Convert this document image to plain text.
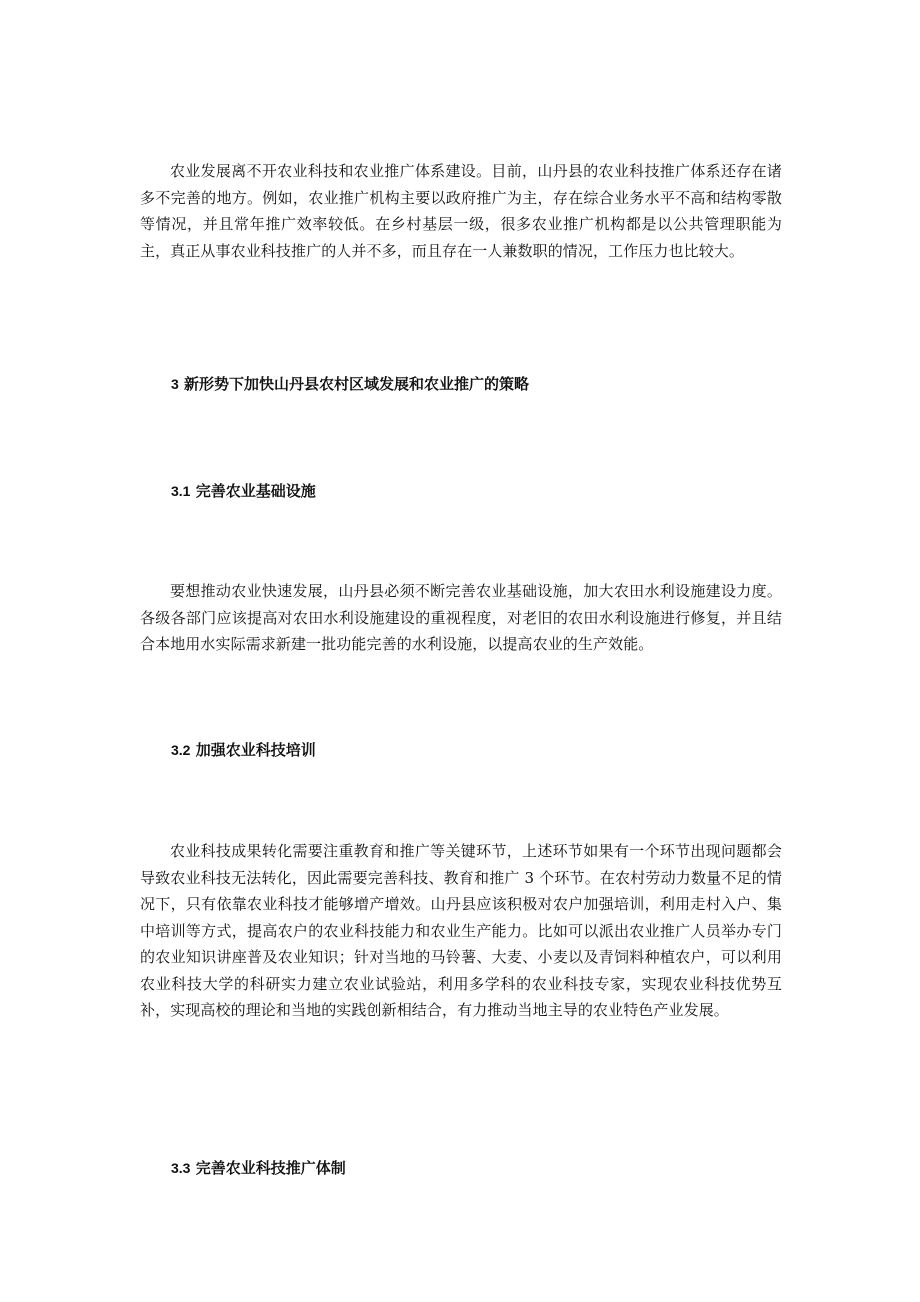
农业发展离不开农业科技和农业推广体系建设。目前，山丹县的农业科技推广体系还存在诸多不完善的地方。例如，农业推广机构主要以政府推广为主，存在综合业务水平不高和结构零散等情况，并且常年推广效率较低。在乡村基层一级，很多农业推广机构都是以公共管理职能为主，真正从事农业科技推广的人并不多，而且存在一人兼数职的情况，工作压力也比较大。

3 新形势下加快山丹县农村区域发展和农业推广的策略
3.1 完善农业基础设施

要想推动农业快速发展，山丹县必须不断完善农业基础设施，加大农田水利设施建设力度。各级各部门应该提高对农田水利设施建设的重视程度，对老旧的农田水利设施进行修复，并且结合本地用水实际需求新建一批功能完善的水利设施，以提高农业的生产效能。

3.2 加强农业科技培训

农业科技成果转化需要注重教育和推广等关键环节，上述环节如果有一个环节出现问题都会导致农业科技无法转化，因此需要完善科技、教育和推广 3 个环节。在农村劳动力数量不足的情况下，只有依靠农业科技才能够增产增效。山丹县应该积极对农户加强培训，利用走村入户、集中培训等方式，提高农户的农业科技能力和农业生产能力。比如可以派出农业推广人员举办专门的农业知识讲座普及农业知识；针对当地的马铃薯、大麦、小麦以及青饲料种植农户，可以利用农业科技大学的科研实力建立农业试验站，利用多学科的农业科技专家，实现农业科技优势互补，实现高校的理论和当地的实践创新相结合，有力推动当地主导的农业特色产业发展。

3.3 完善农业科技推广体制
